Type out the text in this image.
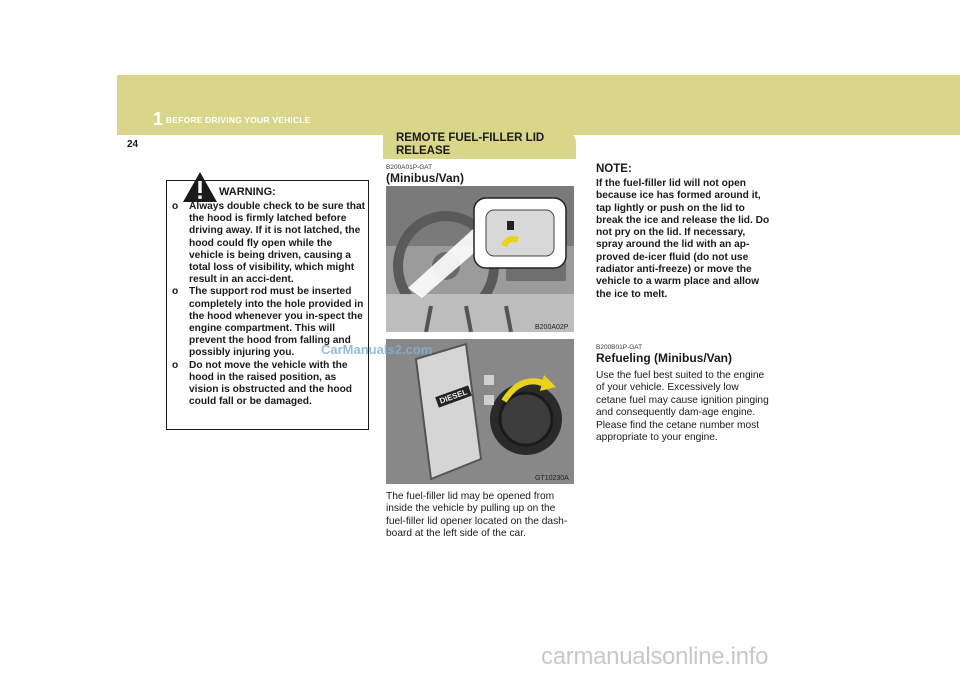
1 BEFORE DRIVING YOUR VEHICLE
24
WARNING:
o Always double check to be sure that the hood is firmly latched before driving away. If it is not latched, the hood could fly open while the vehicle is being driven, causing a total loss of visibility, which might result in an acci-dent.
o The support rod must be inserted completely into the hole provided in the hood whenever you in-spect the engine compartment. This will prevent the hood from falling and possibly injuring you.
o Do not move the vehicle with the hood in the raised position, as vision is obstructed and the hood could fall or be damaged.
REMOTE FUEL-FILLER LID RELEASE
B200A01P-GAT
(Minibus/Van)
B200A02P
DIESEL
GT10230A
The fuel-filler lid may be opened from inside the vehicle by pulling up on the fuel-filler lid opener located on the dash-board at the left side of the car.
NOTE:
If the fuel-filler lid will not open because ice has formed around it, tap lightly or push on the lid to break the ice and release the lid. Do not pry on the lid. If necessary, spray around the lid with an ap-proved de-icer fluid (do not use radiator anti-freeze) or move the vehicle to a warm place and allow the ice to melt.
B200B01P-GAT
Refueling (Minibus/Van)
Use the fuel best suited to the engine of your vehicle. Excessively low cetane fuel may cause ignition pinging and consequently dam-age engine. Please find the cetane number most appropriate to your engine.
CarManuals2.com
carmanualsonline.info
